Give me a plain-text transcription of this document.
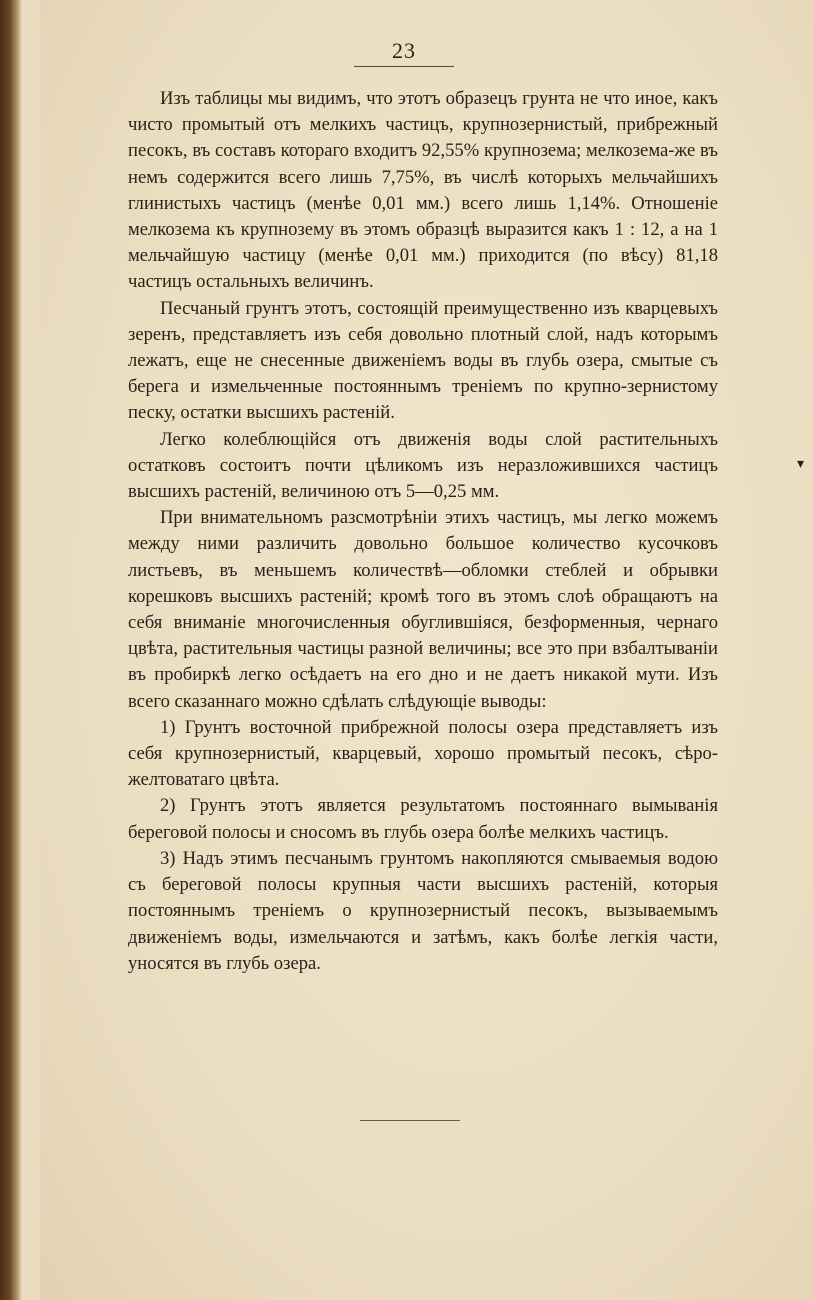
23
▾

Изъ таблицы мы видимъ, что этотъ образецъ грунта не что иное, какъ чисто промытый отъ мелкихъ частицъ, крупнозернистый, прибрежный песокъ, въ составъ котораго входитъ 92,55% крупнозема; мелкозема-же въ немъ содержится всего лишь 7,75%, въ числѣ которыхъ мельчайшихъ глинистыхъ частицъ (менѣе 0,01 мм.) всего лишь 1,14%. Отношеніе мелкозема къ крупнозему въ этомъ образцѣ выразится какъ 1 : 12, а на 1 мельчайшую частицу (менѣе 0,01 мм.) приходится (по вѣсу) 81,18 частицъ остальныхъ величинъ.

Песчаный грунтъ этотъ, состоящій преимущественно изъ кварцевыхъ зеренъ, представляетъ изъ себя довольно плотный слой, надъ которымъ лежатъ, еще не снесенные движеніемъ воды въ глубь озера, смытые съ берега и измельченные постояннымъ треніемъ по крупно-зернистому песку, остатки высшихъ растеній.

Легко колеблющійся отъ движенія воды слой растительныхъ остатковъ состоитъ почти цѣликомъ изъ неразложившихся частицъ высшихъ растеній, величиною отъ 5—0,25 мм.

При внимательномъ разсмотрѣніи этихъ частицъ, мы легко можемъ между ними различить довольно большое количество кусочковъ листьевъ, въ меньшемъ количествѣ—обломки стеблей и обрывки корешковъ высшихъ растеній; кромѣ того въ этомъ слоѣ обращаютъ на себя вниманіе многочисленныя обуглившіяся, безформенныя, чернаго цвѣта, растительныя частицы разной величины; все это при взбалтываніи въ пробиркѣ легко осѣдаетъ на его дно и не даетъ никакой мути. Изъ всего сказаннаго можно сдѣлать слѣдующіе выводы:

1) Грунтъ восточной прибрежной полосы озера представляетъ изъ себя крупнозернистый, кварцевый, хорошо промытый песокъ, сѣро-желтоватаго цвѣта.

2) Грунтъ этотъ является результатомъ постояннаго вымыванія береговой полосы и сносомъ въ глубь озера болѣе мелкихъ частицъ.

3) Надъ этимъ песчанымъ грунтомъ накопляются смываемыя водою съ береговой полосы крупныя части высшихъ растеній, которыя постояннымъ треніемъ о крупнозернистый песокъ, вызываемымъ движеніемъ воды, измельчаются и затѣмъ, какъ болѣе легкія части, уносятся въ глубь озера.
